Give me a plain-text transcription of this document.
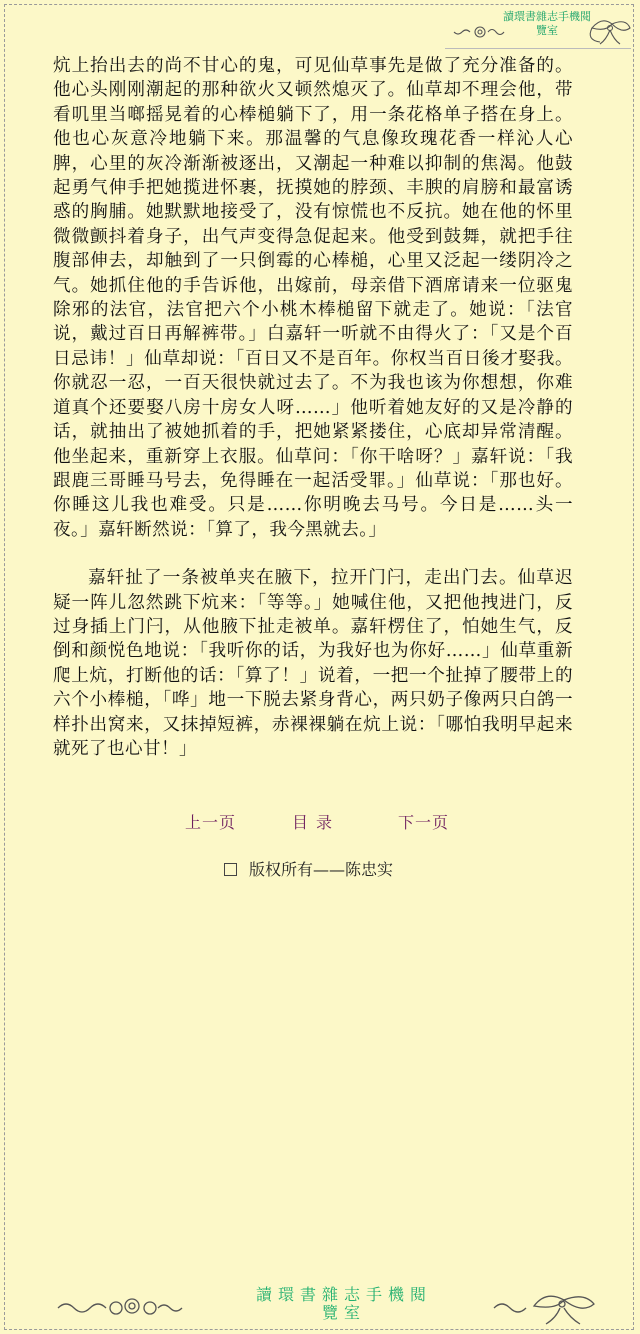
讀環書雜志手機閱
覽室

炕上抬出去的尚不甘心的鬼，可见仙草事先是做了充分准备的。他心头刚刚潮起的那种欲火又顿然熄灭了。仙草却不理会他，带看叽里当啷摇晃着的心棒槌躺下了，用一条花格单子搭在身上。他也心灰意冷地躺下来。那温馨的气息像玫瑰花香一样沁人心脾，心里的灰冷渐渐被逐出，又潮起一种难以抑制的焦渴。他鼓起勇气伸手把她揽进怀裹，抚摸她的脖颈、丰腴的肩膀和最富诱惑的胸脯。她默默地接受了，没有惊慌也不反抗。她在他的怀里微微颤抖着身子，出气声变得急促起来。他受到鼓舞，就把手往腹部伸去，却触到了一只倒霉的心棒槌，心里又泛起一缕阴冷之气。她抓住他的手告诉他，出嫁前，母亲借下酒席请来一位驱鬼除邪的法官，法官把六个小桃木棒槌留下就走了。她说：「法官说，戴过百日再解裤带。」白嘉轩一听就不由得火了：「又是个百日忌讳！」仙草却说：「百日又不是百年。你权当百日後才娶我。你就忍一忍，一百天很快就过去了。不为我也该为你想想，你难道真个还要娶八房十房女人呀……」他听着她友好的又是冷静的话，就抽出了被她抓着的手，把她紧紧搂住，心底却异常清醒。他坐起来，重新穿上衣服。仙草问：「你干啥呀？」嘉轩说：「我跟鹿三哥睡马号去，免得睡在一起活受罪。」仙草说：「那也好。你睡这儿我也难受。只是……你明晚去马号。今日是……头一夜。」嘉轩断然说：「算了，我今黑就去。」

嘉轩扯了一条被单夹在腋下，拉开门闩，走出门去。仙草迟疑一阵儿忽然跳下炕来：「等等。」她喊住他，又把他拽进门，反过身插上门闩，从他腋下扯走被单。嘉轩楞住了，怕她生气，反倒和颜悦色地说：「我听你的话，为我好也为你好……」仙草重新爬上炕，打断他的话：「算了！」说着，一把一个扯掉了腰带上的六个小棒槌，「哗」地一下脱去紧身背心，两只奶子像两只白鸽一样扑出窝来，又抹掉短裤，赤裸裸躺在炕上说：「哪怕我明早起来就死了也心甘！」

上一页	目录	下一页
版权所有——陈忠实
讀環書雜志手機閱
覽室
